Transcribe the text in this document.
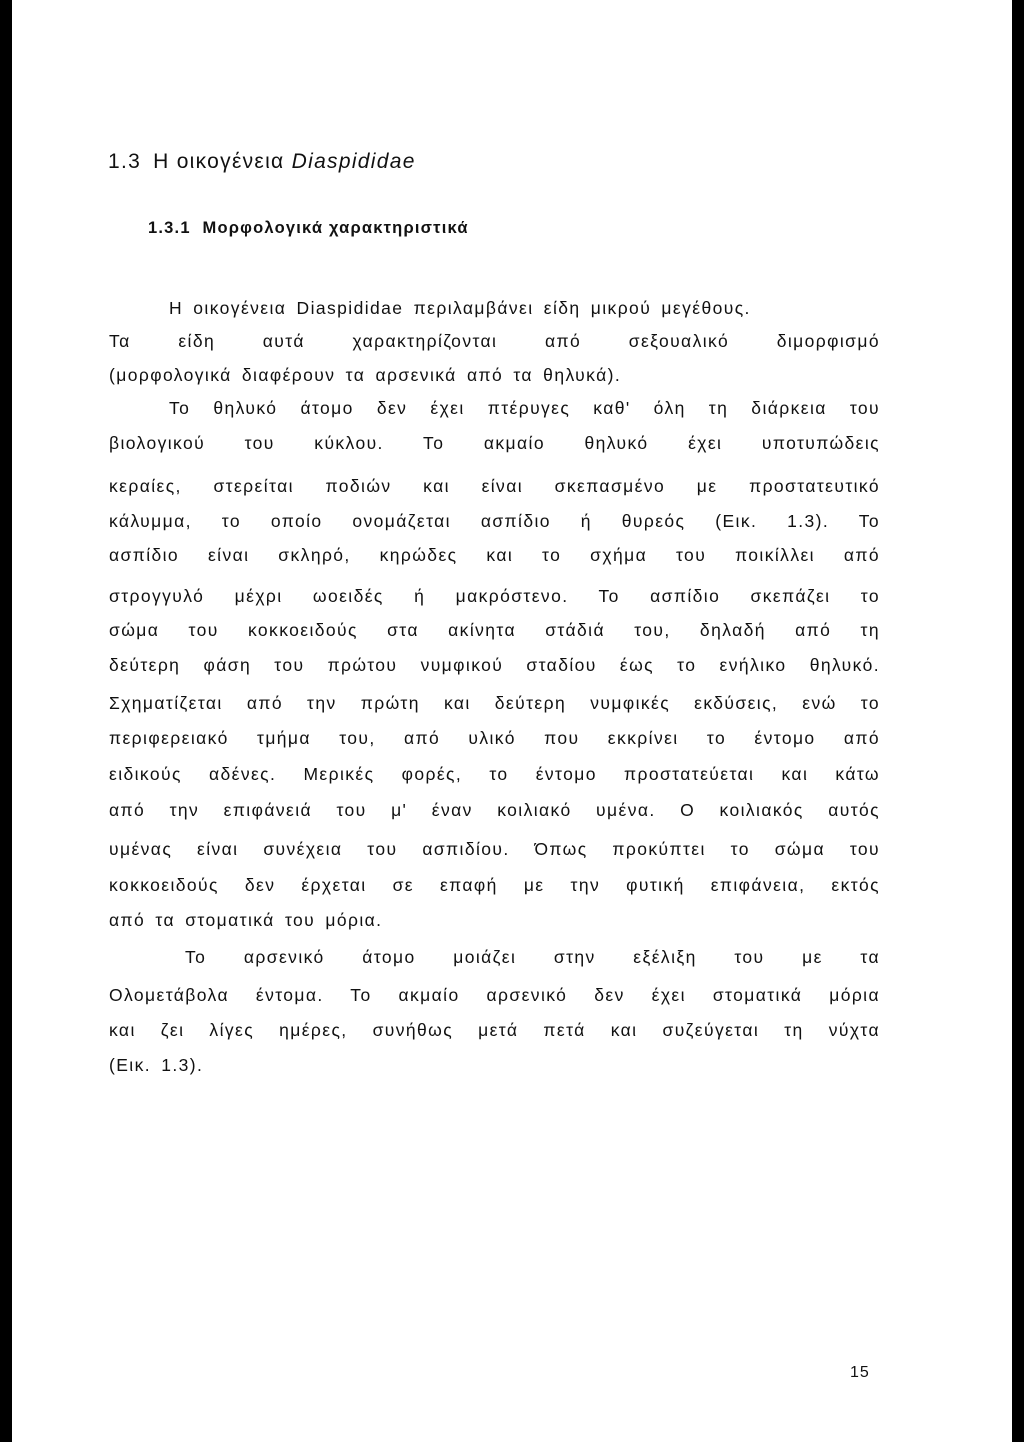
1.3 Η οικογένεια Diaspididae
1.3.1 Μορφολογικά χαρακτηριστικά
Η οικογένεια Diaspididae περιλαμβάνει είδη μικρού μεγέθους.
Τα είδη αυτά χαρακτηρίζονται από σεξουαλικό διμορφισμό
(μορφολογικά διαφέρουν τα αρσενικά από τα θηλυκά).
Το θηλυκό άτομο δεν έχει πτέρυγες καθ' όλη τη διάρκεια του
βιολογικού του κύκλου. Το ακμαίο θηλυκό έχει υποτυπώδεις
κεραίες, στερείται ποδιών και είναι σκεπασμένο με προστατευτικό
κάλυμμα, το οποίο ονομάζεται ασπίδιο ή θυρεός (Εικ. 1.3). Το
ασπίδιο είναι σκληρό, κηρώδες και το σχήμα του ποικίλλει από
στρογγυλό μέχρι ωοειδές ή μακρόστενο. Το ασπίδιο σκεπάζει το
σώμα του κοκκοειδούς στα ακίνητα στάδιά του, δηλαδή από τη
δεύτερη φάση του πρώτου νυμφικού σταδίου έως το ενήλικο θηλυκό.
Σχηματίζεται από την πρώτη και δεύτερη νυμφικές εκδύσεις, ενώ το
περιφερειακό τμήμα του, από υλικό που εκκρίνει το έντομο από
ειδικούς αδένες. Μερικές φορές, το έντομο προστατεύεται και κάτω
από την επιφάνειά του μ' έναν κοιλιακό υμένα. Ο κοιλιακός αυτός
υμένας είναι συνέχεια του ασπιδίου. Όπως προκύπτει το σώμα του
κοκκοειδούς δεν έρχεται σε επαφή με την φυτική επιφάνεια, εκτός
από τα στοματικά του μόρια.
Το αρσενικό άτομο μοιάζει στην εξέλιξη του με τα
Ολομετάβολα έντομα. Το ακμαίο αρσενικό δεν έχει στοματικά μόρια
και ζει λίγες ημέρες, συνήθως μετά πετά και συζεύγεται τη νύχτα
(Εικ. 1.3).
15
